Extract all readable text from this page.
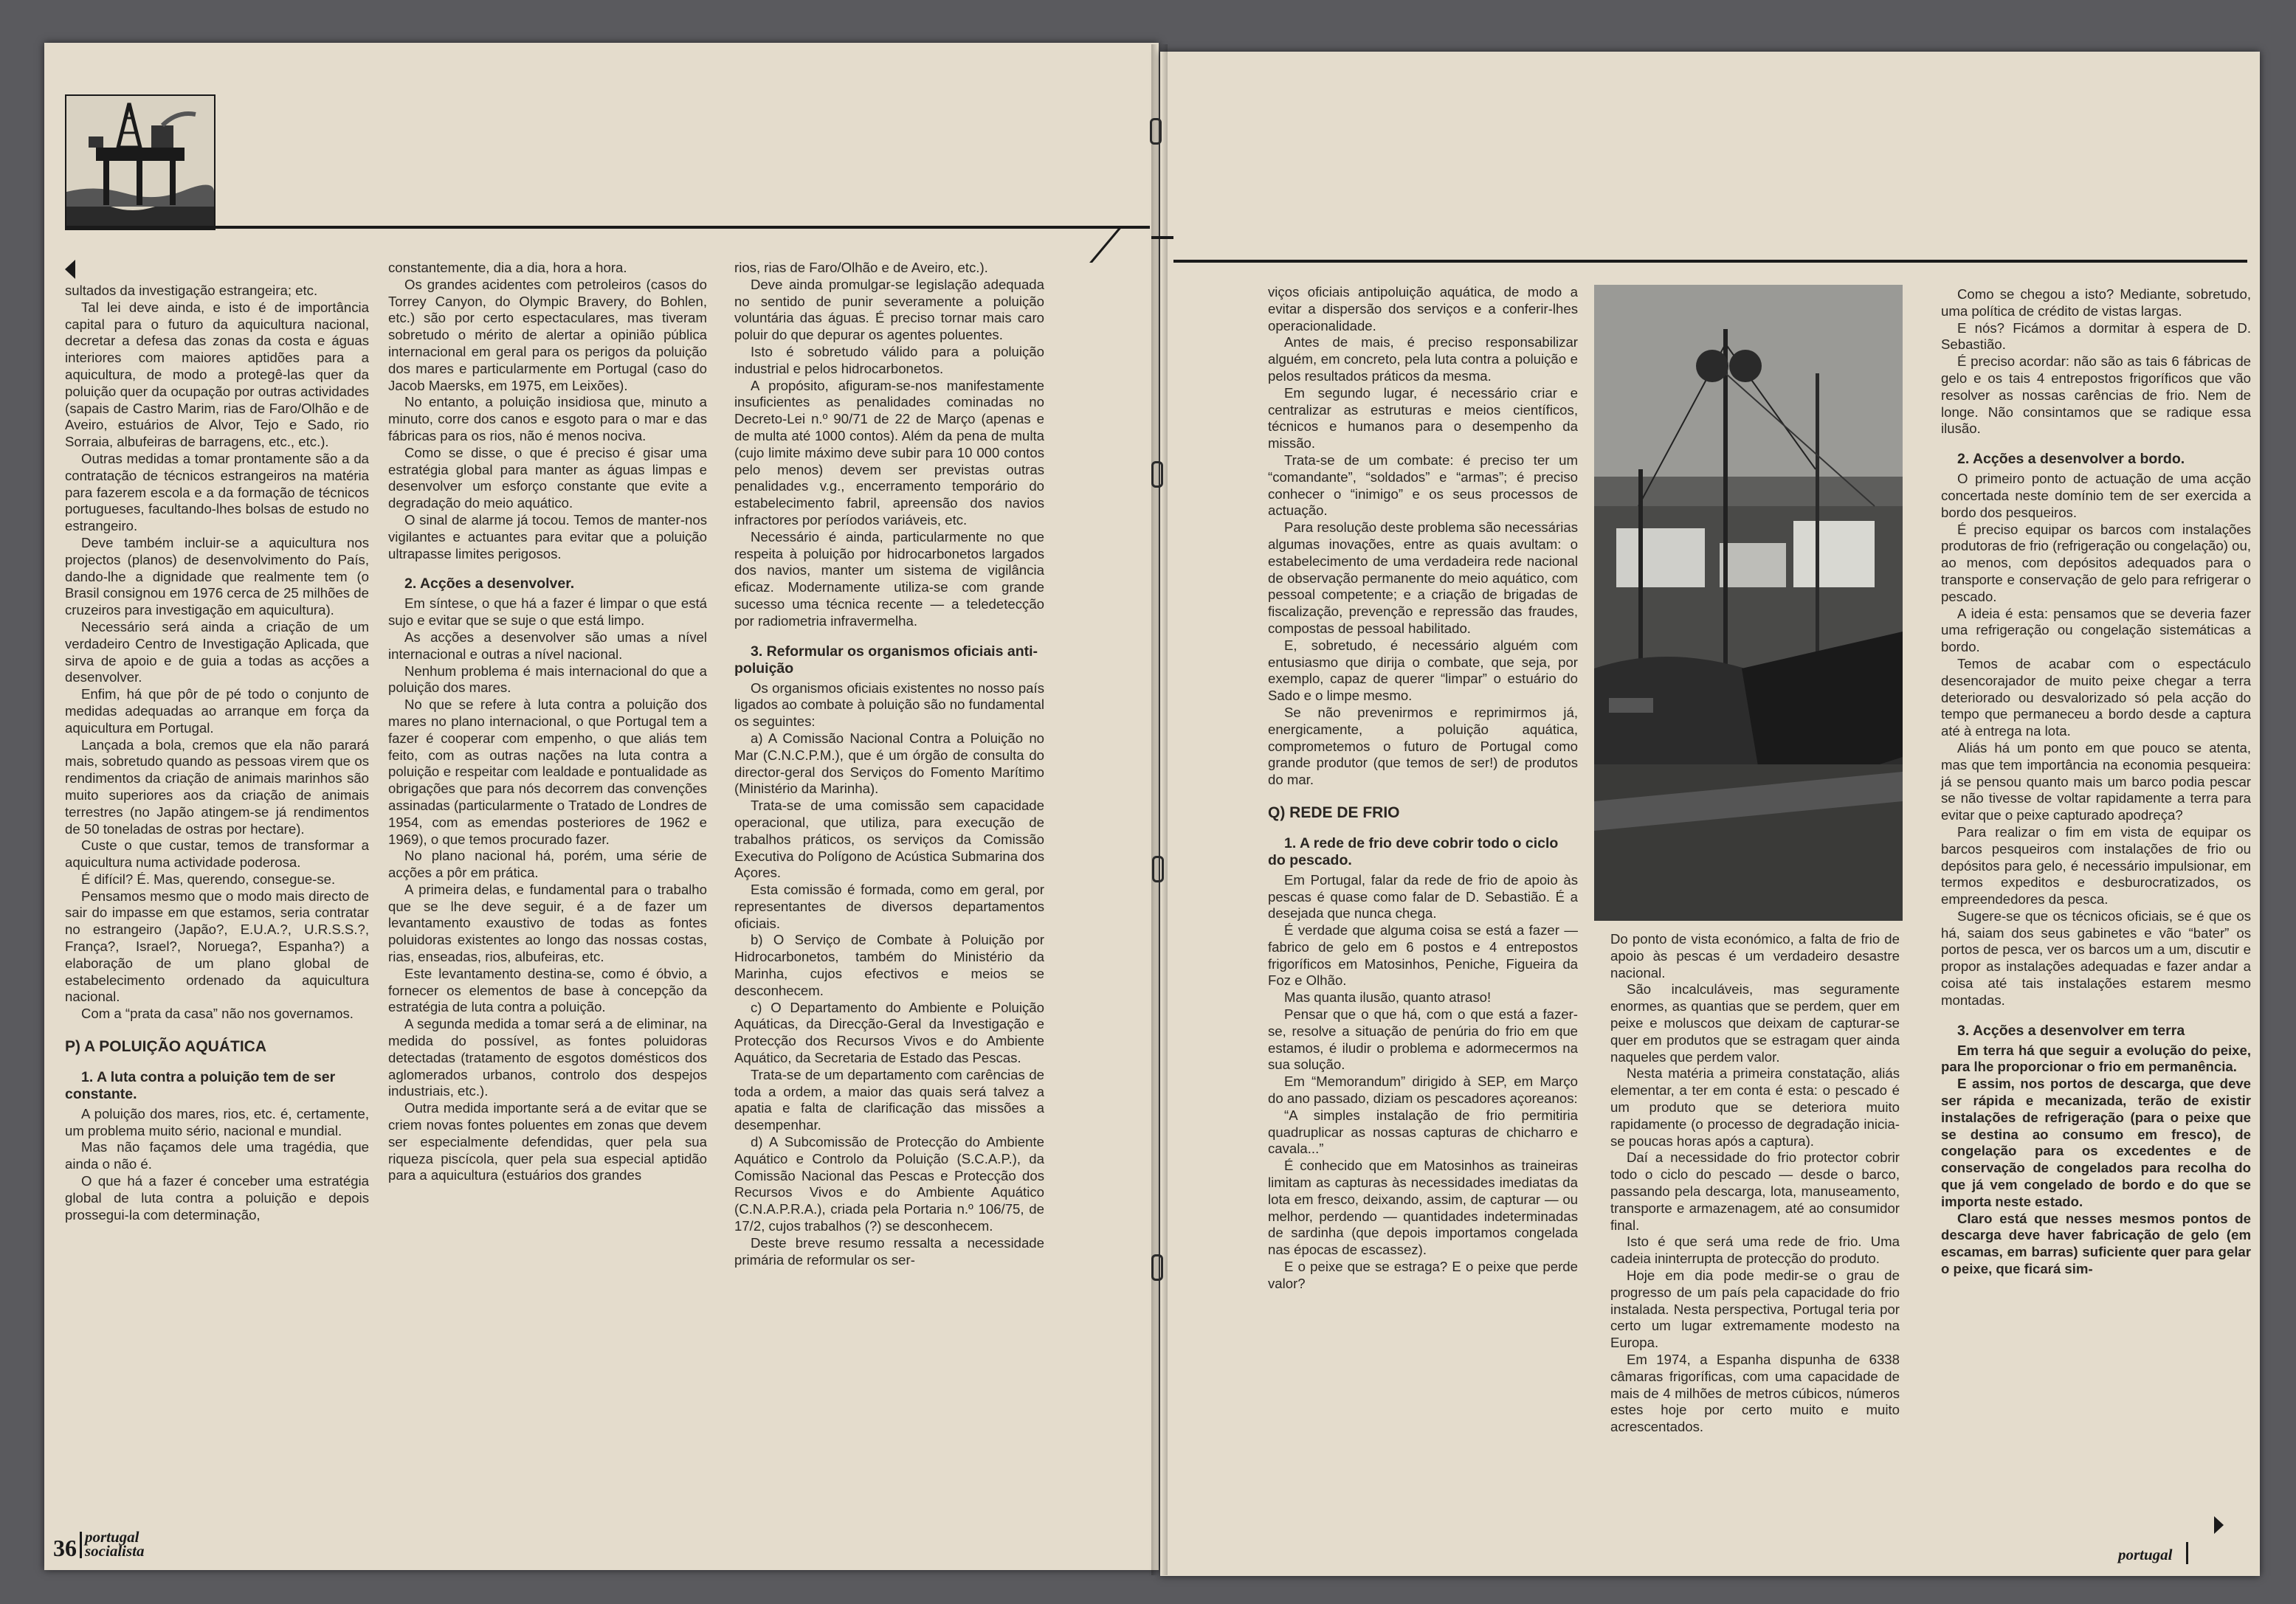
sultados da investigação estrangeira; etc.

Tal lei deve ainda, e isto é de importância capital para o futuro da aquicultura nacional, decretar a defesa das zonas da costa e águas interiores com maiores aptidões para a aquicultura, de modo a protegê-las quer da poluição quer da ocupação por outras actividades (sapais de Castro Marim, rias de Faro/Olhão e de Aveiro, estuários de Alvor, Tejo e Sado, rio Sorraia, albufeiras de barragens, etc., etc.).

Outras medidas a tomar prontamente são a da contratação de técnicos estrangeiros na matéria para fazerem escola e a da formação de técnicos portugueses, facultando-lhes bolsas de estudo no estrangeiro.

Deve também incluir-se a aquicultura nos projectos (planos) de desenvolvimento do País, dando-lhe a dignidade que realmente tem (o Brasil consignou em 1976 cerca de 25 milhões de cruzeiros para investigação em aquicultura).

Necessário será ainda a criação de um verdadeiro Centro de Investigação Aplicada, que sirva de apoio e de guia a todas as acções a desenvolver.

Enfim, há que pôr de pé todo o conjunto de medidas adequadas ao arranque em força da aquicultura em Portugal.

Lançada a bola, cremos que ela não parará mais, sobretudo quando as pessoas virem que os rendimentos da criação de animais marinhos são muito superiores aos da criação de animais terrestres (no Japão atingem-se já rendimentos de 50 toneladas de ostras por hectare).

Custe o que custar, temos de transformar a aquicultura numa actividade poderosa.

É difícil? É. Mas, querendo, consegue-se.

Pensamos mesmo que o modo mais directo de sair do impasse em que estamos, seria contratar no estrangeiro (Japão?, E.U.A.?, U.R.S.S.?, França?, Israel?, Noruega?, Espanha?) a elaboração de um plano global de estabelecimento ordenado da aquicultura nacional.

Com a “prata da casa” não nos governamos.

P) A POLUIÇÃO AQUÁTICA
1. A luta contra a poluição tem de ser constante.

A poluição dos mares, rios, etc. é, certamente, um problema muito sério, nacional e mundial.

Mas não façamos dele uma tragédia, que ainda o não é.

O que há a fazer é conceber uma estratégia global de luta contra a poluição e depois prossegui-la com determinação,

constantemente, dia a dia, hora a hora.

Os grandes acidentes com petroleiros (casos do Torrey Canyon, do Olympic Bravery, do Bohlen, etc.) são por certo espectaculares, mas tiveram sobretudo o mérito de alertar a opinião pública internacional em geral para os perigos da poluição dos mares e particularmente em Portugal (caso do Jacob Maersks, em 1975, em Leixões).

No entanto, a poluição insidiosa que, minuto a minuto, corre dos canos e esgoto para o mar e das fábricas para os rios, não é menos nociva.

Como se disse, o que é preciso é gisar uma estratégia global para manter as águas limpas e desenvolver um esforço constante que evite a degradação do meio aquático.

O sinal de alarme já tocou. Temos de manter-nos vigilantes e actuantes para evitar que a poluição ultrapasse limites perigosos.

2. Acções a desenvolver.

Em síntese, o que há a fazer é limpar o que está sujo e evitar que se suje o que está limpo.

As acções a desenvolver são umas a nível internacional e outras a nível nacional.

Nenhum problema é mais internacional do que a poluição dos mares.

No que se refere à luta contra a poluição dos mares no plano internacional, o que Portugal tem a fazer é cooperar com empenho, o que aliás tem feito, com as outras nações na luta contra a poluição e respeitar com lealdade e pontualidade as obrigações que para nós decorrem das convenções assinadas (particularmente o Tratado de Londres de 1954, com as emendas posteriores de 1962 e 1969), o que temos procurado fazer.

No plano nacional há, porém, uma série de acções a pôr em prática.

A primeira delas, e fundamental para o trabalho que se lhe deve seguir, é a de fazer um levantamento exaustivo de todas as fontes poluidoras existentes ao longo das nossas costas, rias, enseadas, rios, albufeiras, etc.

Este levantamento destina-se, como é óbvio, a fornecer os elementos de base à concepção da estratégia de luta contra a poluição.

A segunda medida a tomar será a de eliminar, na medida do possível, as fontes poluidoras detectadas (tratamento de esgotos domésticos dos aglomerados urbanos, controlo dos despejos industriais, etc.).

Outra medida importante será a de evitar que se criem novas fontes poluentes em zonas que devem ser especialmente defendidas, quer pela sua riqueza piscícola, quer pela sua especial aptidão para a aquicultura (estuários dos grandes

rios, rias de Faro/Olhão e de Aveiro, etc.).

Deve ainda promulgar-se legislação adequada no sentido de punir severamente a poluição voluntária das águas. É preciso tornar mais caro poluir do que depurar os agentes poluentes.

Isto é sobretudo válido para a poluição industrial e pelos hidrocarbonetos.

A propósito, afiguram-se-nos manifestamente insuficientes as penalidades cominadas no Decreto-Lei n.º 90/71 de 22 de Março (apenas e de multa até 1000 contos). Além da pena de multa (cujo limite máximo deve subir para 10 000 contos pelo menos) devem ser previstas outras penalidades v.g., encerramento temporário do estabelecimento fabril, apreensão dos navios infractores por períodos variáveis, etc.

Necessário é ainda, particularmente no que respeita à poluição por hidrocarbonetos largados dos navios, manter um sistema de vigilância eficaz. Modernamente utiliza-se com grande sucesso uma técnica recente — a teledetecção por radiometria infravermelha.

3. Reformular os organismos oficiais anti-poluição

Os organismos oficiais existentes no nosso país ligados ao combate à poluição são no fundamental os seguintes:

a) A Comissão Nacional Contra a Poluição no Mar (C.N.C.P.M.), que é um órgão de consulta do director-geral dos Serviços do Fomento Marítimo (Ministério da Marinha).

Trata-se de uma comissão sem capacidade operacional, que utiliza, para execução de trabalhos práticos, os serviços da Comissão Executiva do Polígono de Acústica Submarina dos Açores.

Esta comissão é formada, como em geral, por representantes de diversos departamentos oficiais.

b) O Serviço de Combate à Poluição por Hidrocarbonetos, também do Ministério da Marinha, cujos efectivos e meios se desconhecem.

c) O Departamento do Ambiente e Poluição Aquáticas, da Direcção-Geral da Investigação e Protecção dos Recursos Vivos e do Ambiente Aquático, da Secretaria de Estado das Pescas.

Trata-se de um departamento com carências de toda a ordem, a maior das quais será talvez a apatia e falta de clarificação das missões a desempenhar.

d) A Subcomissão de Protecção do Ambiente Aquático e Controlo da Poluição (S.C.A.P.), da Comissão Nacional das Pescas e Protecção dos Recursos Vivos e do Ambiente Aquático (C.N.A.P.R.A.), criada pela Portaria n.º 106/75, de 17/2, cujos trabalhos (?) se desconhecem.

Deste breve resumo ressalta a necessidade primária de reformular os ser-

viços oficiais antipoluição aquática, de modo a evitar a dispersão dos serviços e a conferir-lhes operacionalidade.

Antes de mais, é preciso responsabilizar alguém, em concreto, pela luta contra a poluição e pelos resultados práticos da mesma.

Em segundo lugar, é necessário criar e centralizar as estruturas e meios científicos, técnicos e humanos para o desempenho da missão.

Trata-se de um combate: é preciso ter um “comandante”, “soldados” e “armas”; é preciso conhecer o “inimigo” e os seus processos de actuação.

Para resolução deste problema são necessárias algumas inovações, entre as quais avultam: o estabelecimento de uma verdadeira rede nacional de observação permanente do meio aquático, com pessoal competente; e a criação de brigadas de fiscalização, prevenção e repressão das fraudes, compostas de pessoal habilitado.

E, sobretudo, é necessário alguém com entusiasmo que dirija o combate, que seja, por exemplo, capaz de querer “limpar” o estuário do Sado e o limpe mesmo.

Se não prevenirmos e reprimirmos já, energicamente, a poluição aquática, comprometemos o futuro de Portugal como grande produtor (que temos de ser!) de produtos do mar.

Q) REDE DE FRIO
1. A rede de frio deve cobrir todo o ciclo do pescado.

Em Portugal, falar da rede de frio de apoio às pescas é quase como falar de D. Sebastião. É a desejada que nunca chega.

É verdade que alguma coisa se está a fazer — fabrico de gelo em 6 postos e 4 entrepostos frigoríficos em Matosinhos, Peniche, Figueira da Foz e Olhão.

Mas quanta ilusão, quanto atraso!

Pensar que o que há, com o que está a fazer-se, resolve a situação de penúria do frio em que estamos, é iludir o problema e adormecermos na sua solução.

Em “Memorandum” dirigido à SEP, em Março do ano passado, diziam os pescadores açoreanos:

“A simples instalação de frio permitiria quadruplicar as nossas capturas de chicharro e cavala...”

É conhecido que em Matosinhos as traineiras limitam as capturas às necessidades imediatas da lota em fresco, deixando, assim, de capturar — ou melhor, perdendo — quantidades indeterminadas de sardinha (que depois importamos congelada nas épocas de escassez).

E o peixe que se estraga? E o peixe que perde valor?

Do ponto de vista económico, a falta de frio de apoio às pescas é um verdadeiro desastre nacional.

São incalculáveis, mas seguramente enormes, as quantias que se perdem, quer em peixe e moluscos que deixam de capturar-se quer em produtos que se estragam quer ainda naqueles que perdem valor.

Nesta matéria a primeira constatação, aliás elementar, a ter em conta é esta: o pescado é um produto que se deteriora muito rapidamente (o processo de degradação inicia-se poucas horas após a captura).

Daí a necessidade do frio protector cobrir todo o ciclo do pescado — desde o barco, passando pela descarga, lota, manuseamento, transporte e armazenagem, até ao consumidor final.

Isto é que será uma rede de frio. Uma cadeia ininterrupta de protecção do produto.

Hoje em dia pode medir-se o grau de progresso de um país pela capacidade do frio instalada. Nesta perspectiva, Portugal teria por certo um lugar extremamente modesto na Europa.

Em 1974, a Espanha dispunha de 6338 câmaras frigoríficas, com uma capacidade de mais de 4 milhões de metros cúbicos, números estes hoje por certo muito e muito acrescentados.

Como se chegou a isto? Mediante, sobretudo, uma política de crédito de vistas largas.

E nós? Ficámos a dormitar à espera de D. Sebastião.

É preciso acordar: não são as tais 6 fábricas de gelo e os tais 4 entrepostos frigoríficos que vão resolver as nossas carências de frio. Nem de longe. Não consintamos que se radique essa ilusão.

2. Acções a desenvolver a bordo.

O primeiro ponto de actuação de uma acção concertada neste domínio tem de ser exercida a bordo dos pesqueiros.

É preciso equipar os barcos com instalações produtoras de frio (refrigeração ou congelação) ou, ao menos, com depósitos adequados para o transporte e conservação de gelo para refrigerar o pescado.

A ideia é esta: pensamos que se deveria fazer uma refrigeração ou congelação sistemáticas a bordo.

Temos de acabar com o espectáculo desencorajador de muito peixe chegar a terra deteriorado ou desvalorizado só pela acção do tempo que permaneceu a bordo desde a captura até à entrega na lota.

Aliás há um ponto em que pouco se atenta, mas que tem importância na economia pesqueira: já se pensou quanto mais um barco podia pescar se não tivesse de voltar rapidamente a terra para evitar que o peixe capturado apodreça?

Para realizar o fim em vista de equipar os barcos pesqueiros com instalações de frio ou depósitos para gelo, é necessário impulsionar, em termos expeditos e desburocratizados, os empreendedores da pesca.

Sugere-se que os técnicos oficiais, se é que os há, saiam dos seus gabinetes e vão “bater” os portos de pesca, ver os barcos um a um, discutir e propor as instalações adequadas e fazer andar a coisa até tais instalações estarem mesmo montadas.

3. Acções a desenvolver em terra

Em terra há que seguir a evolução do peixe, para lhe proporcionar o frio em permanência.

E assim, nos portos de descarga, que deve ser rápida e mecanizada, terão de existir instalações de refrigeração (para o peixe que se destina ao consumo em fresco), de congelação para os excedentes e de conservação de congelados para recolha do que já vem congelado de bordo e do que se importa neste estado.

Claro está que nesses mesmos pontos de descarga deve haver fabricação de gelo (em escamas, em barras) suficiente quer para gelar o peixe, que ficará sim-

36 portugal
socialista	portugal
